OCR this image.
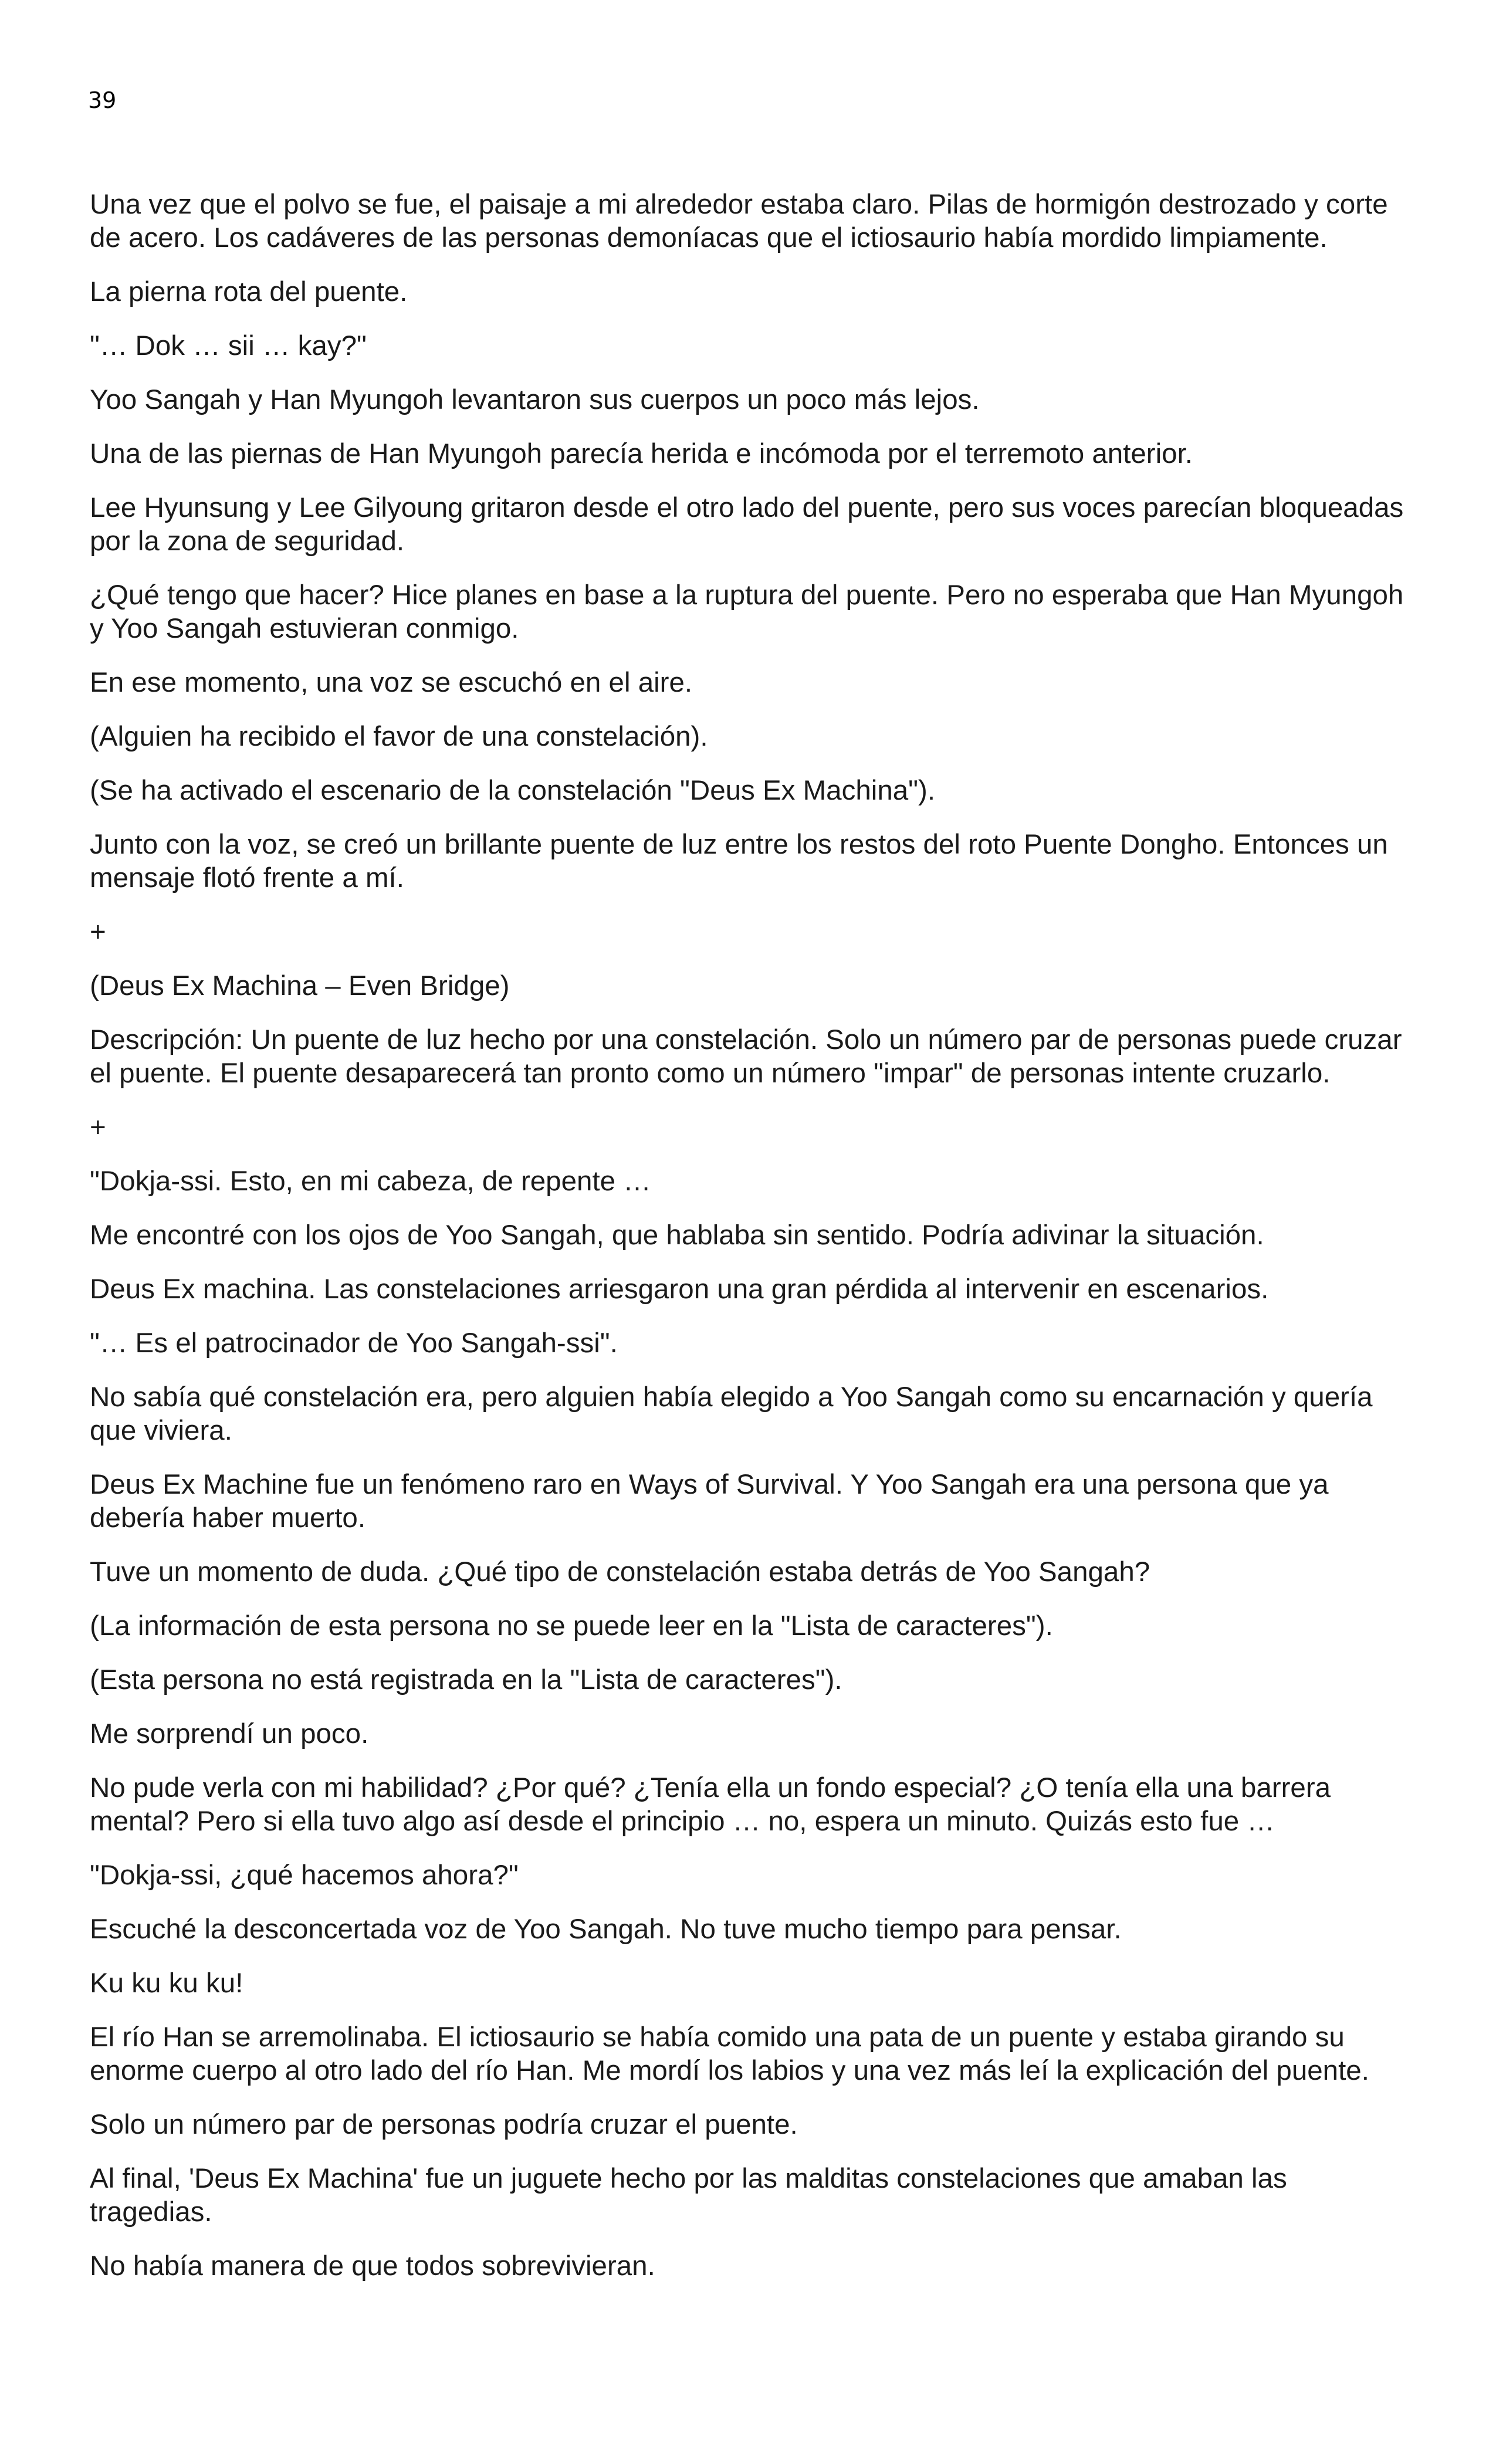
39

Una vez que el polvo se fue, el paisaje a mi alrededor estaba claro. Pilas de hormigón destrozado y corte de acero. Los cadáveres de las personas demoníacas que el ictiosaurio había mordido limpiamente.

La pierna rota del puente.

"… Dok … sii … kay?"

Yoo Sangah y Han Myungoh levantaron sus cuerpos un poco más lejos.

Una de las piernas de Han Myungoh parecía herida e incómoda por el terremoto anterior.

Lee Hyunsung y Lee Gilyoung gritaron desde el otro lado del puente, pero sus voces parecían bloqueadas por la zona de seguridad.

¿Qué tengo que hacer? Hice planes en base a la ruptura del puente. Pero no esperaba que Han Myungoh y Yoo Sangah estuvieran conmigo.

En ese momento, una voz se escuchó en el aire.

(Alguien ha recibido el favor de una constelación).

(Se ha activado el escenario de la constelación "Deus Ex Machina").

Junto con la voz, se creó un brillante puente de luz entre los restos del roto Puente Dongho. Entonces un mensaje flotó frente a mí.

+

(Deus Ex Machina – Even Bridge)

Descripción: Un puente de luz hecho por una constelación. Solo un número par de personas puede cruzar el puente. El puente desaparecerá tan pronto como un número "impar" de personas intente cruzarlo.

+

"Dokja-ssi. Esto, en mi cabeza, de repente …

Me encontré con los ojos de Yoo Sangah, que hablaba sin sentido. Podría adivinar la situación.

Deus Ex machina. Las constelaciones arriesgaron una gran pérdida al intervenir en escenarios.

"… Es el patrocinador de Yoo Sangah-ssi".

No sabía qué constelación era, pero alguien había elegido a Yoo Sangah como su encarnación y quería que viviera.

Deus Ex Machine fue un fenómeno raro en Ways of Survival. Y Yoo Sangah era una persona que ya debería haber muerto.

Tuve un momento de duda. ¿Qué tipo de constelación estaba detrás de Yoo Sangah?

(La información de esta persona no se puede leer en la "Lista de caracteres").

(Esta persona no está registrada en la "Lista de caracteres").

Me sorprendí un poco.

No pude verla con mi habilidad? ¿Por qué? ¿Tenía ella un fondo especial? ¿O tenía ella una barrera mental? Pero si ella tuvo algo así desde el principio … no, espera un minuto. Quizás esto fue …

"Dokja-ssi, ¿qué hacemos ahora?"

Escuché la desconcertada voz de Yoo Sangah. No tuve mucho tiempo para pensar.

Ku ku ku ku!

El río Han se arremolinaba. El ictiosaurio se había comido una pata de un puente y estaba girando su enorme cuerpo al otro lado del río Han. Me mordí los labios y una vez más leí la explicación del puente.

Solo un número par de personas podría cruzar el puente.

Al final, 'Deus Ex Machina' fue un juguete hecho por las malditas constelaciones que amaban las tragedias.

No había manera de que todos sobrevivieran.
